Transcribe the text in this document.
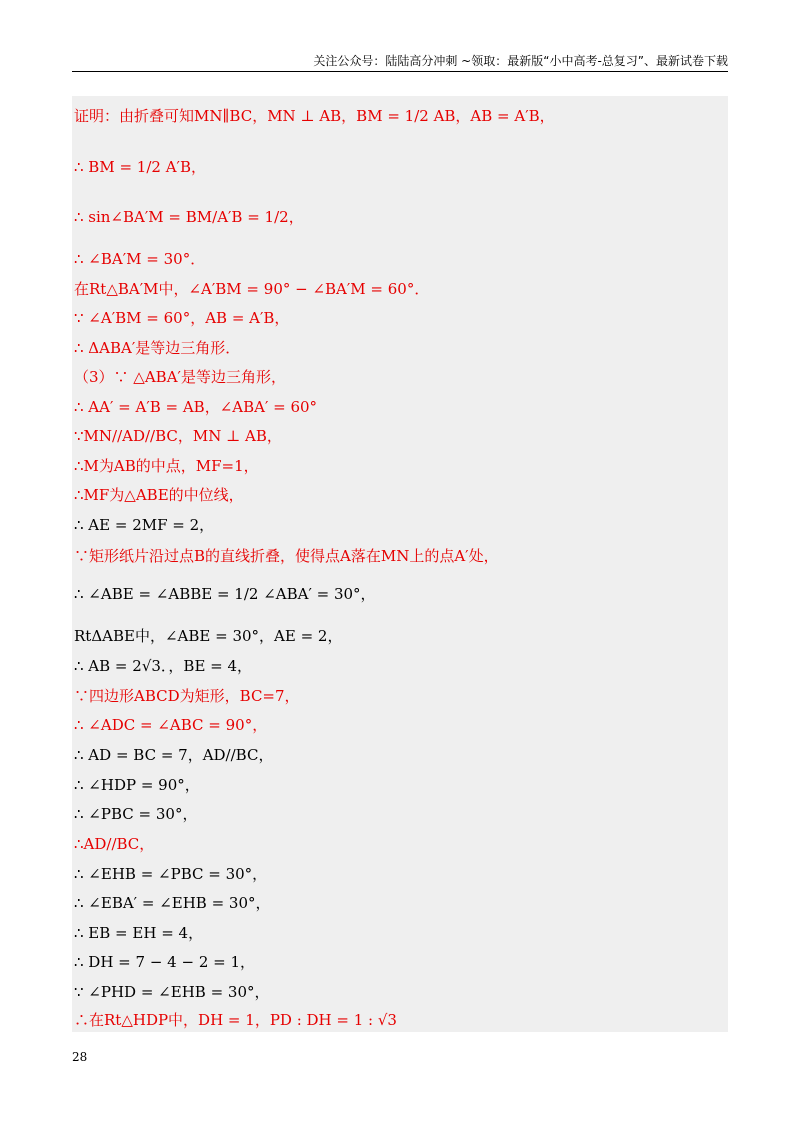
关注公众号：陆陆高分冲刺 ~领取：最新版“小中高考-总复习”、最新试卷下载
证明：由折叠可知MN∥BC，MN ⊥ AB，BM = 1/2 AB，AB = A′B，
∴ BM = 1/2 A′B，
∴ sin∠BA′M = BM/A′B = 1/2，
∴ ∠BA′M = 30°．
在Rt△BA′M中，∠A′BM = 90° − ∠BA′M = 60°．
∵ ∠A′BM = 60°，AB = A′B，
∴ ΔABA′是等边三角形．
（3）∵ △ABA′是等边三角形，
∴ AA′ = A′B = AB，∠ABA′ = 60°
∵MN//AD//BC，MN ⊥ AB，
∴M为AB的中点，MF=1，
∴MF为△ABE的中位线，
∴ AE = 2MF = 2，
∵矩形纸片沿过点B的直线折叠，使得点A落在MN上的点A′处，
∴ ∠ABE = ∠ABBE = 1/2 ∠ABA′ = 30°，
RtΔABE中，∠ABE = 30°，AE = 2，
∴ AB = 2√3．，BE = 4，
∵四边形ABCD为矩形，BC=7，
∴ ∠ADC = ∠ABC = 90°，
∴ AD = BC = 7，AD//BC，
∴ ∠HDP = 90°，
∴ ∠PBC = 30°，
∴AD//BC，
∴ ∠EHB = ∠PBC = 30°，
∴ ∠EBA′ = ∠EHB = 30°，
∴ EB = EH = 4，
∴ DH = 7 − 4 − 2 = 1，
∵ ∠PHD = ∠EHB = 30°，
∴在Rt△HDP中，DH = 1，PD : DH = 1 : √3
28
